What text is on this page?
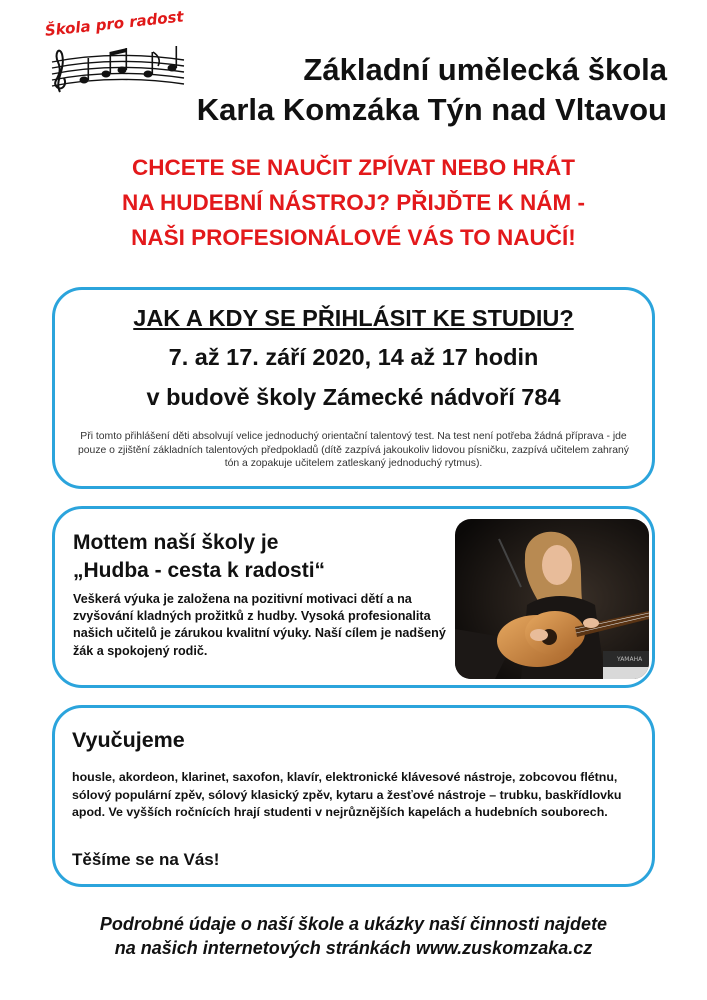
Škola pro radost
Základní umělecká škola
Karla Komzáka Týn nad Vltavou
CHCETE SE NAUČIT ZPÍVAT NEBO HRÁT
NA HUDEBNÍ NÁSTROJ? PŘIJĎTE K NÁM -
NAŠI PROFESIONÁLOVÉ VÁS TO NAUČÍ!
JAK A KDY SE PŘIHLÁSIT KE STUDIU?
7. až 17. září 2020, 14 až 17 hodin
v budově školy Zámecké nádvoří 784
Při tomto přihlášení děti absolvují velice jednoduchý orientační talentový test. Na test není potřeba žádná příprava - jde pouze o zjištění základních talentových předpokladů (dítě zazpívá jakoukoliv lidovou písničku, zazpívá učitelem zahraný tón a zopakuje učitelem zatleskaný jednoduchý rytmus).
Mottem naší školy je
„Hudba - cesta k radosti“
Veškerá výuka je založena na pozitivní motivaci dětí a na zvyšování kladných prožitků z hudby. Vysoká profesionalita našich učitelů je zárukou kvalitní výuky. Naší cílem je nadšený žák a spokojený rodič.
YAMAHA
Vyučujeme
housle, akordeon, klarinet, saxofon, klavír, elektronické klávesové nástroje, zobcovou flétnu, sólový populární zpěv, sólový klasický zpěv, kytaru a žesťové nástroje – trubku, baskřídlovku apod. Ve vyšších ročnících hrají studenti v nejrůznějších kapelách a hudebních souborech.
Těšíme se na Vás!
Podrobné údaje o naší škole a ukázky naší činnosti najdete
na našich internetových stránkách www.zuskomzaka.cz
